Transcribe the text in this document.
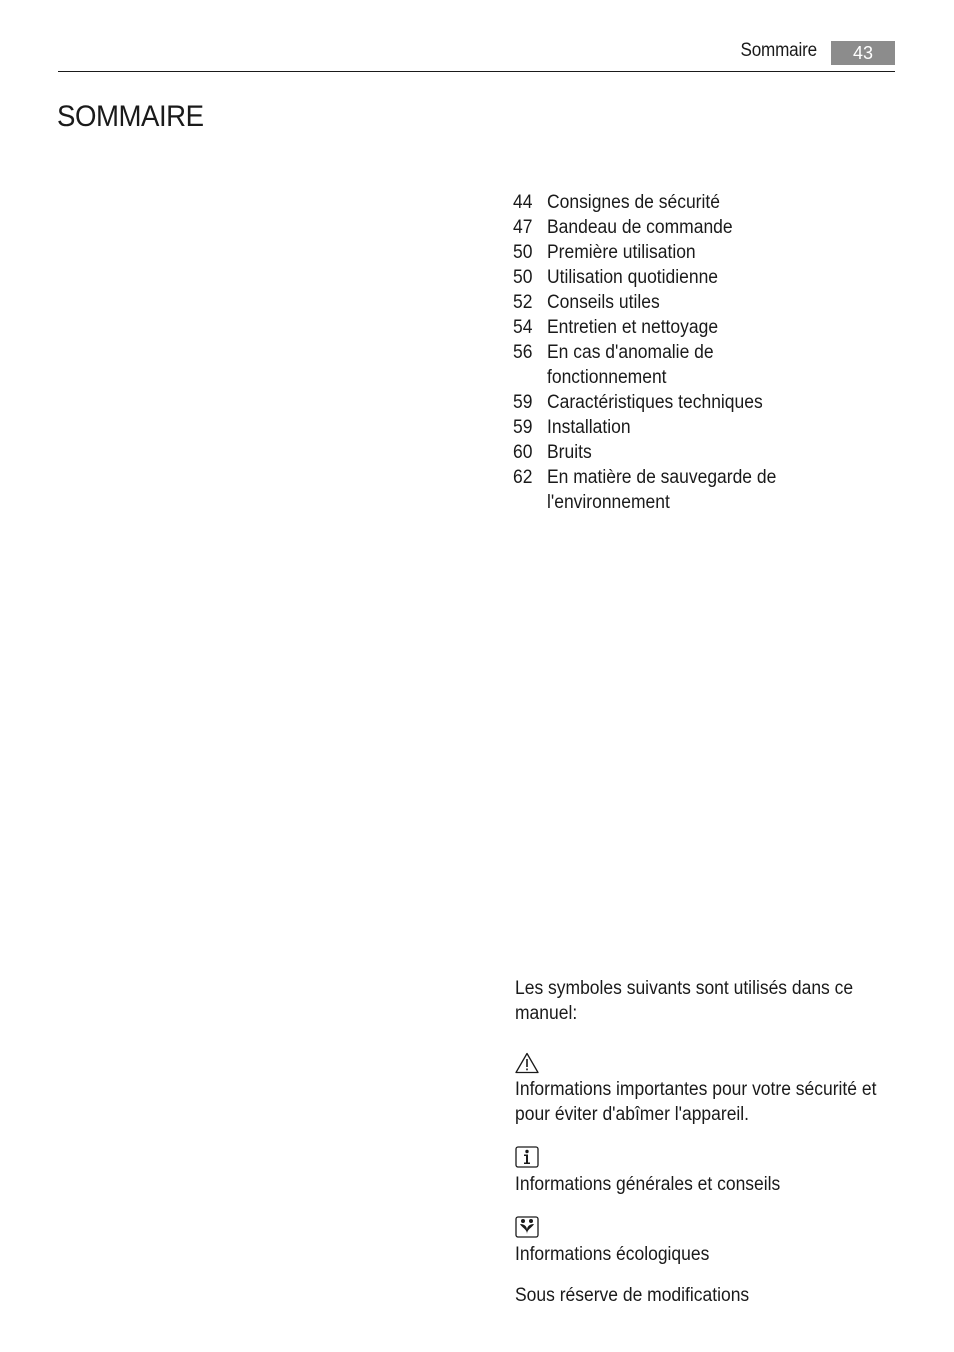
Sommaire	43
SOMMAIRE
44 Consignes de sécurité
47 Bandeau de commande
50 Première utilisation
50 Utilisation quotidienne
52 Conseils utiles
54 Entretien et nettoyage
56 En cas d'anomalie de
fonctionnement
59 Caractéristiques techniques
59 Installation
60 Bruits
62 En matière de sauvegarde de
l'environnement

Les symboles suivants sont utilisés dans ce manuel:

Informations importantes pour votre sécurité et pour éviter d'abîmer l'appareil.

Informations générales et conseils

Informations écologiques

Sous réserve de modifications
